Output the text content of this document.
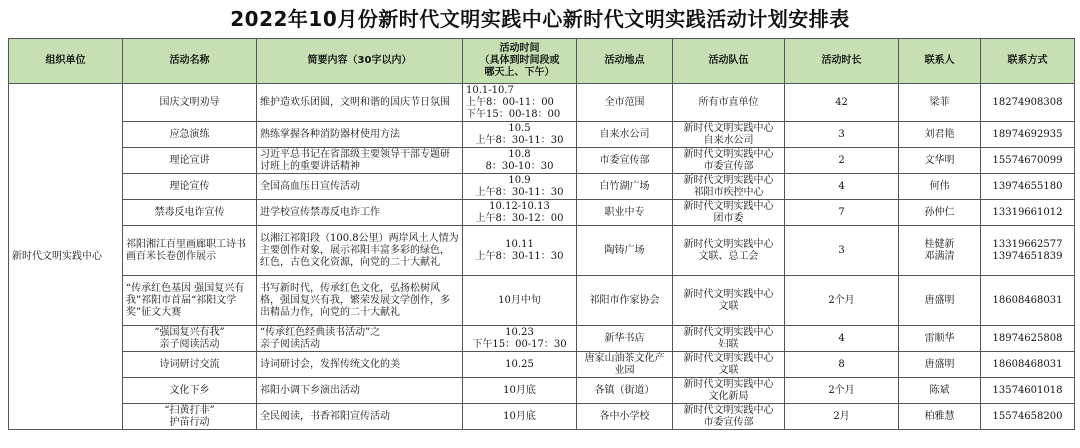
2022年10月份新时代文明实践中心新时代文明实践活动计划安排表
组织单位	活动名称	简要内容（30字以内）	活动时间
（具体到时间段或
哪天上、下午）	活动地点	活动队伍	活动时长	联系人	联系方式
新时代文明实践中心	国庆文明劝导	维护造欢乐团圆，文明和谐的国庆节日氛围	10.1-10.7
上午8：00-11：00
下午15：00-18：00	全市范围	所有市直单位	42	梁菲	18274908308
	应急演练	熟练掌握各种消防器材使用方法	10.5
上午8：30-11：30	自来水公司	新时代文明实践中心
自来水公司	3	刘君艳	18974692935
	理论宣讲	习近平总书记在省部级主要领导干部专题研讨班上的重要讲话精神	10.8
8：30-10：30	市委宣传部	新时代文明实践中心
市委宣传部	2	文华明	15574670099
	理论宣传	全国高血压日宣传活动	10.9
上午8：30-11：30	白竹湖广场	新时代文明实践中心
祁阳市疾控中心	4	何伟	13974655180
	禁毒反电诈宣传	进学校宣传禁毒反电诈工作	10.12-10.13
上午8：30-12：00	职业中专	新时代文明实践中心
团市委	7	孙仲仁	13319661012
	祁阳湘江百里画廊职工诗书画百米长卷创作展示	以湘江祁阳段（100.8公里）两岸风土人情为主要创作对象，展示祁阳丰富多彩的绿色，红色，古色文化资源，向党的二十大献礼	10.11
上午8：30-11：30	陶铸广场	新时代文明实践中心
文联、总工会	3	桂健新
邓满清	13319662577
13974651839
	“传承红色基因 强国复兴有我”祁阳市首届“祁阳文学奖”征文大赛	书写新时代，传承红色文化，弘扬松树风格，强国复兴有我，繁荣发展文学创作，多出精品力作，向党的二十大献礼	10月中旬	祁阳市作家协会	新时代文明实践中心
文联	2个月	唐盛明	18608468031
	“强国复兴有我”
亲子阅读活动	“传承红色经典读书活动”之
亲子阅读活动	10.23
下午15：00-17：30	新华书店	新时代文明实践中心
妇联	4	雷顺华	18974625808
	诗词研讨交流	诗词研讨会，发挥传统文化的美	10.25	唐家山油茶文化产业园	新时代文明实践中心
文联	8	唐盛明	18608468031
	文化下乡	祁阳小调下乡演出活动	10月底	各镇（街道）	新时代文明实践中心
文化新局	2个月	陈斌	13574601018
	“扫黄打非”
护苗行动	全民阅读，书香祁阳宣传活动	10月底	各中小学校	新时代文明实践中心
市委宣传部	2月	柏雅慧	15574658200
